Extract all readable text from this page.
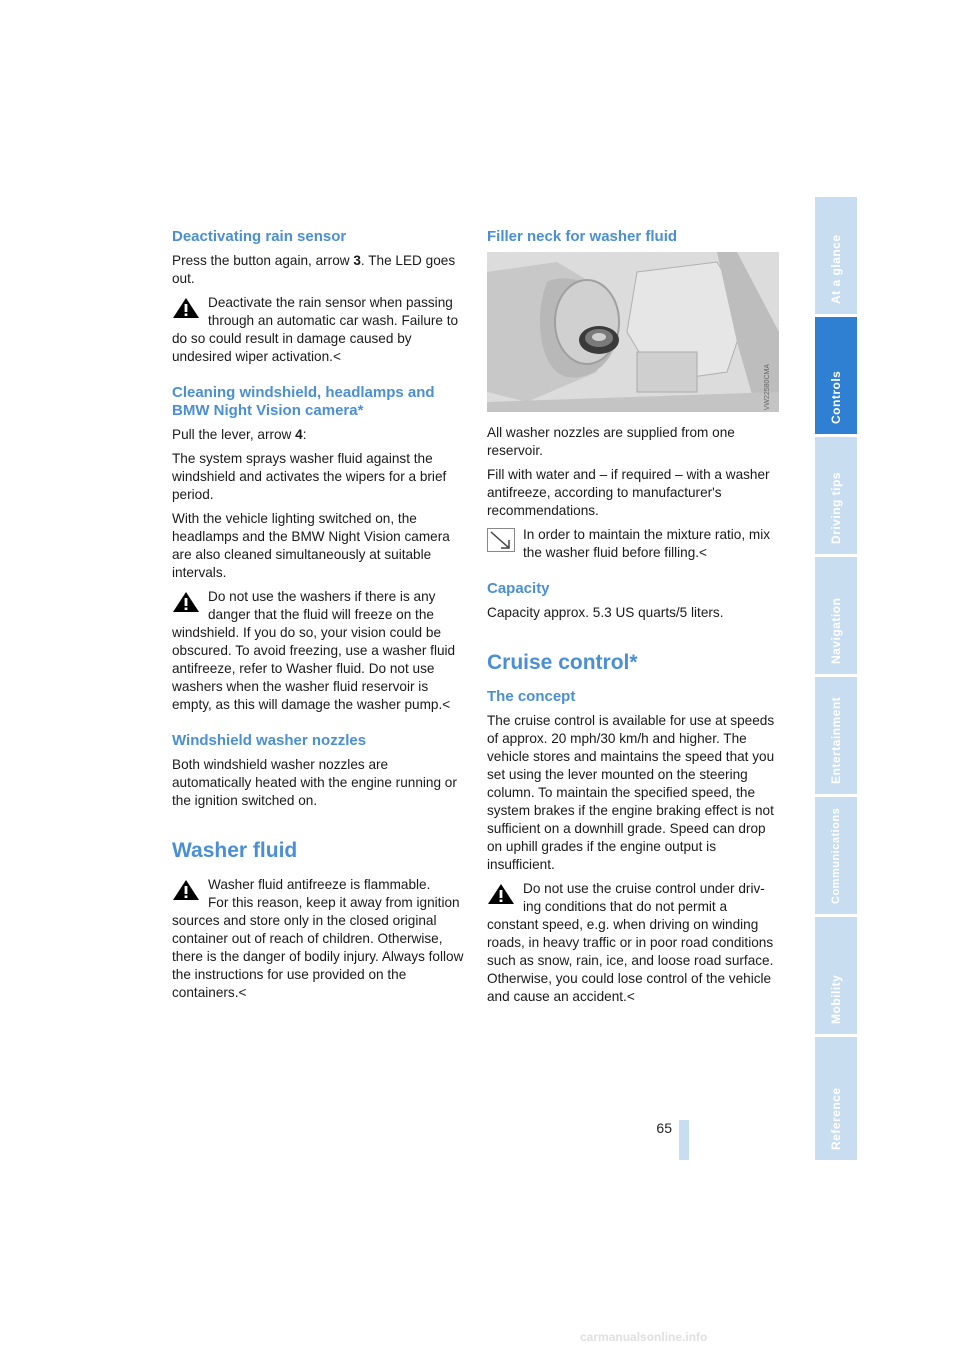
Deactivating rain sensor

Press the button again, arrow 3. The LED goes out.

Deactivate the rain sensor when passing
through an automatic car wash. Failure to do so could result in damage caused by undesired wiper activation.<
Cleaning windshield, headlamps and BMW Night Vision camera*

Pull the lever, arrow 4:

The system sprays washer fluid against the windshield and activates the wipers for a brief period.

With the vehicle lighting switched on, the headlamps and the BMW Night Vision camera are also cleaned simultaneously at suitable intervals.

Do not use the washers if there is any
danger that the fluid will freeze on the windshield. If you do so, your vision could be obscured. To avoid freezing, use a washer fluid antifreeze, refer to Washer fluid. Do not use washers when the washer fluid reservoir is empty, as this will damage the washer pump.<
Windshield washer nozzles

Both windshield washer nozzles are automatically heated with the engine running or the ignition switched on.

Washer fluid
Washer fluid antifreeze is flammable.
For this reason, keep it away from ignition sources and store only in the closed original container out of reach of children. Otherwise, there is the danger of bodily injury. Always follow the instructions for use provided on the containers.<
Filler neck for washer fluid
VW22580CMA

All washer nozzles are supplied from one reservoir.

Fill with water and – if required – with a washer antifreeze, according to manufacturer's recommendations.

In order to maintain the mixture ratio, mix
the washer fluid before filling.<
Capacity

Capacity approx. 5.3 US quarts/5 liters.

Cruise control*
The concept

The cruise control is available for use at speeds of approx. 20 mph/30 km/h and higher. The vehicle stores and maintains the speed that you set using the lever mounted on the steering column. To maintain the specified speed, the system brakes if the engine braking effect is not sufficient on a downhill grade. Speed can drop on uphill grades if the engine output is insufficient.

Do not use the cruise control under driv-
ing conditions that do not permit a constant speed, e.g. when driving on winding roads, in heavy traffic or in poor road conditions such as snow, rain, ice, and loose road surface. Otherwise, you could lose control of the vehicle and cause an accident.<
At a glance
Controls
Driving tips
Navigation
Entertainment
Communications
Mobility
Reference
65
carmanualsonline.info
